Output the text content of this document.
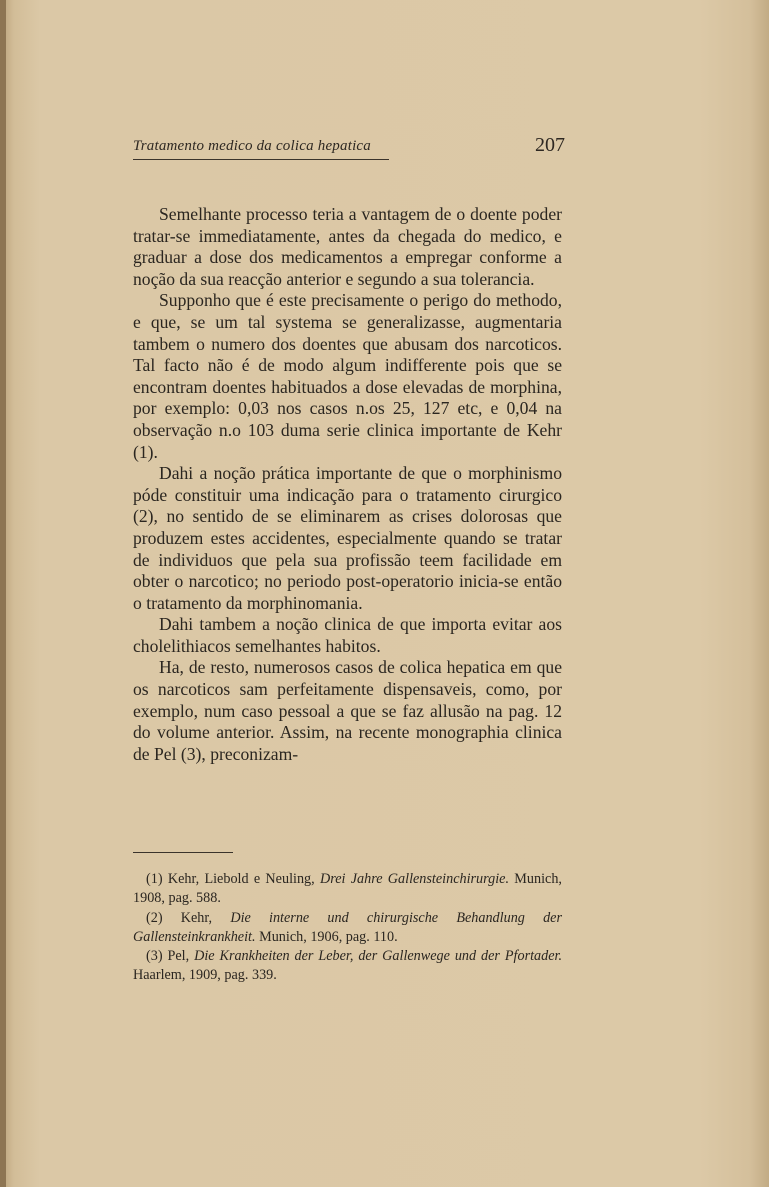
Tratamento medico da colica hepatica	207

Semelhante processo teria a vantagem de o doente poder tratar-se immediatamente, antes da chegada do medico, e graduar a dose dos medicamentos a empregar conforme a noção da sua reacção anterior e segundo a sua tolerancia.

Supponho que é este precisamente o perigo do methodo, e que, se um tal systema se generalizasse, augmentaria tambem o numero dos doentes que abusam dos narcoticos. Tal facto não é de modo algum indifferente pois que se encontram doentes habituados a dose elevadas de morphina, por exemplo: 0,03 nos casos n.os 25, 127 etc, e 0,04 na observação n.o 103 duma serie clinica importante de Kehr (1).

Dahi a noção prática importante de que o morphinismo póde constituir uma indicação para o tratamento cirurgico (2), no sentido de se eliminarem as crises dolorosas que produzem estes accidentes, especialmente quando se tratar de individuos que pela sua profissão teem facilidade em obter o narcotico; no periodo post-operatorio inicia-se então o tratamento da morphinomania.

Dahi tambem a noção clinica de que importa evitar aos cholelithiacos semelhantes habitos.

Ha, de resto, numerosos casos de colica hepatica em que os narcoticos sam perfeitamente dispensaveis, como, por exemplo, num caso pessoal a que se faz allusão na pag. 12 do volume anterior. Assim, na recente monographia clinica de Pel (3), preconizam-

(1) Kehr, Liebold e Neuling, Drei Jahre Gallensteinchirurgie. Munich, 1908, pag. 588.

(2) Kehr, Die interne und chirurgische Behandlung der Gallensteinkrankheit. Munich, 1906, pag. 110.

(3) Pel, Die Krankheiten der Leber, der Gallenwege und der Pfortader. Haarlem, 1909, pag. 339.
